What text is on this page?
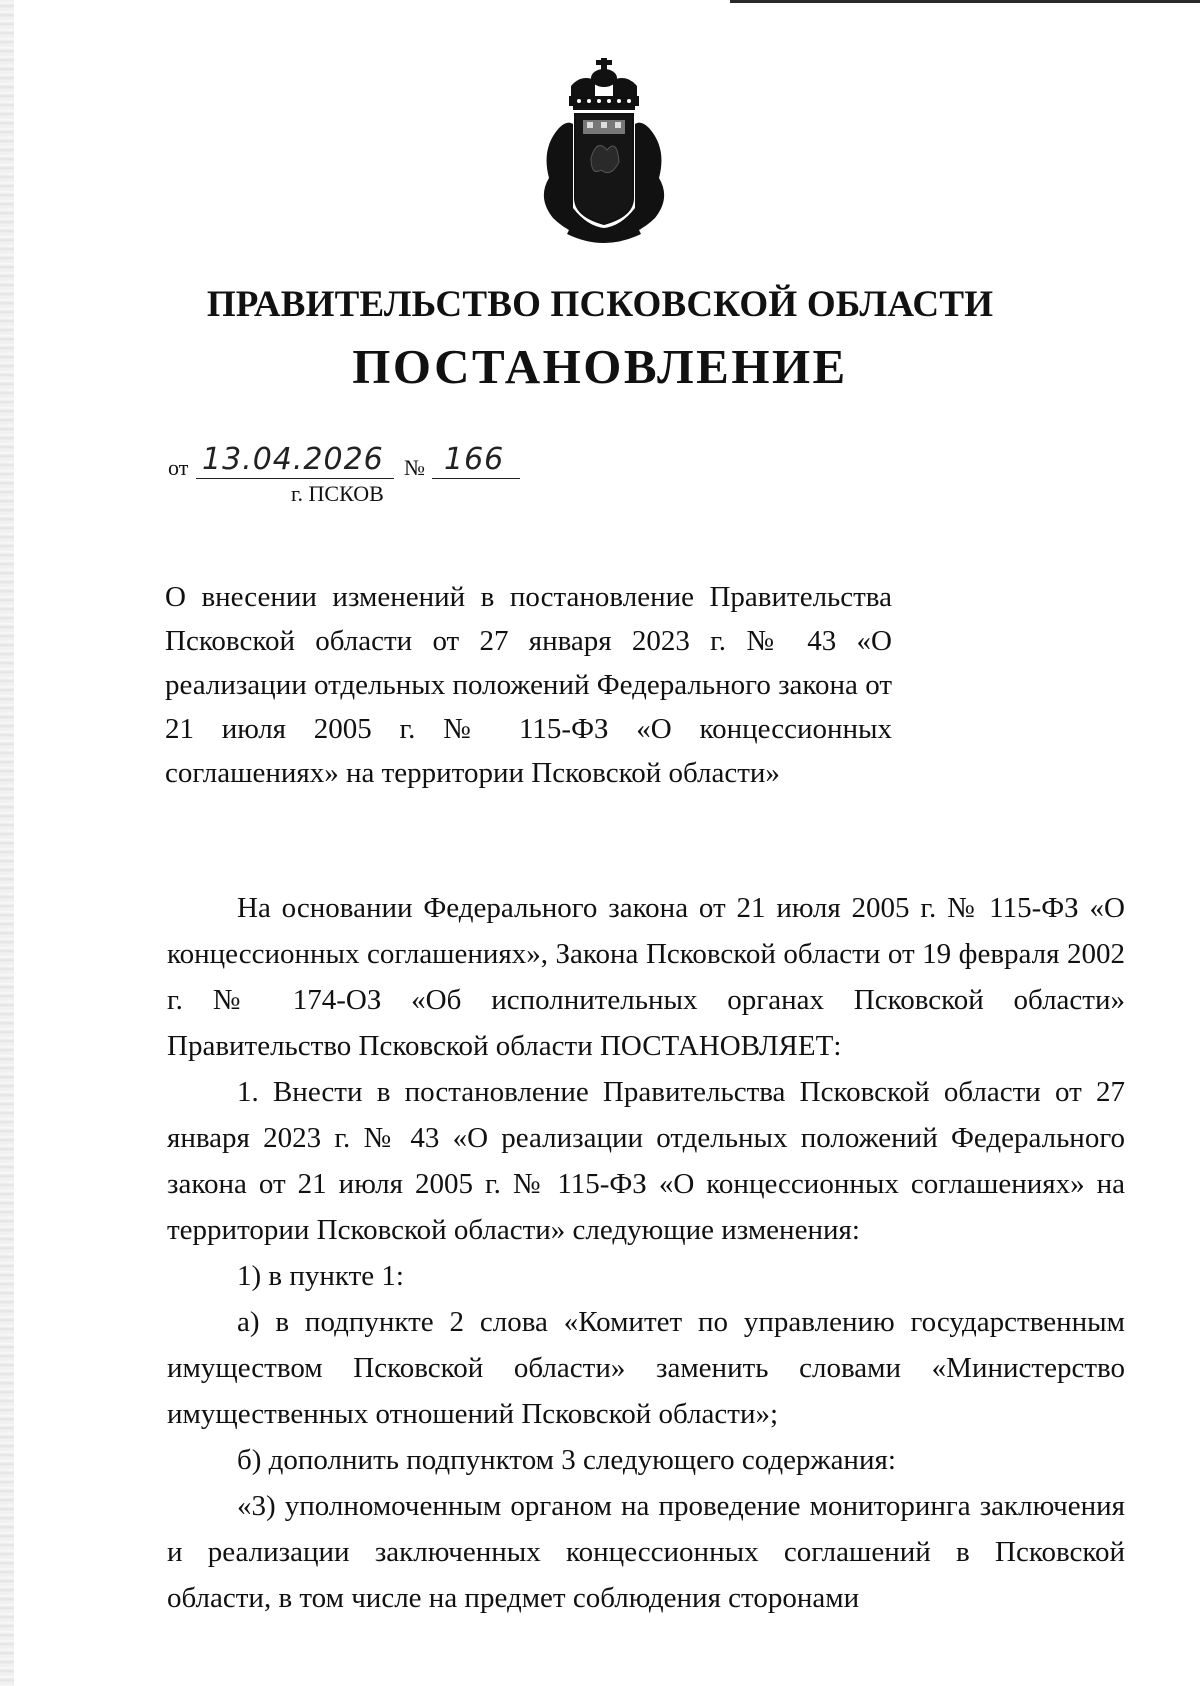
ПРАВИТЕЛЬСТВО ПСКОВСКОЙ ОБЛАСТИ
ПОСТАНОВЛЕНИЕ
от 13.04.2026 № 166
г. ПСКОВ

О внесении изменений в постановление Правительства Псковской области от 27 января 2023 г. № 43 «О реализации отдельных положений Федерального закона от 21 июля 2005 г. № 115-ФЗ «О концессионных соглашениях» на территории Псковской области»

На основании Федерального закона от 21 июля 2005 г. № 115-ФЗ «О концессионных соглашениях», Закона Псковской области от 19 февраля 2002 г. № 174-ОЗ «Об исполнительных органах Псковской области» Правительство Псковской области ПОСТАНОВЛЯЕТ:

1. Внести в постановление Правительства Псковской области от 27 января 2023 г. № 43 «О реализации отдельных положений Федерального закона от 21 июля 2005 г. № 115-ФЗ «О концессионных соглашениях» на территории Псковской области» следующие изменения:

1) в пункте 1:

а) в подпункте 2 слова «Комитет по управлению государственным имуществом Псковской области» заменить словами «Министерство имущественных отношений Псковской области»;

б) дополнить подпунктом 3 следующего содержания:

«3) уполномоченным органом на проведение мониторинга заключения и реализации заключенных концессионных соглашений в Псковской области, в том числе на предмет соблюдения сторонами
